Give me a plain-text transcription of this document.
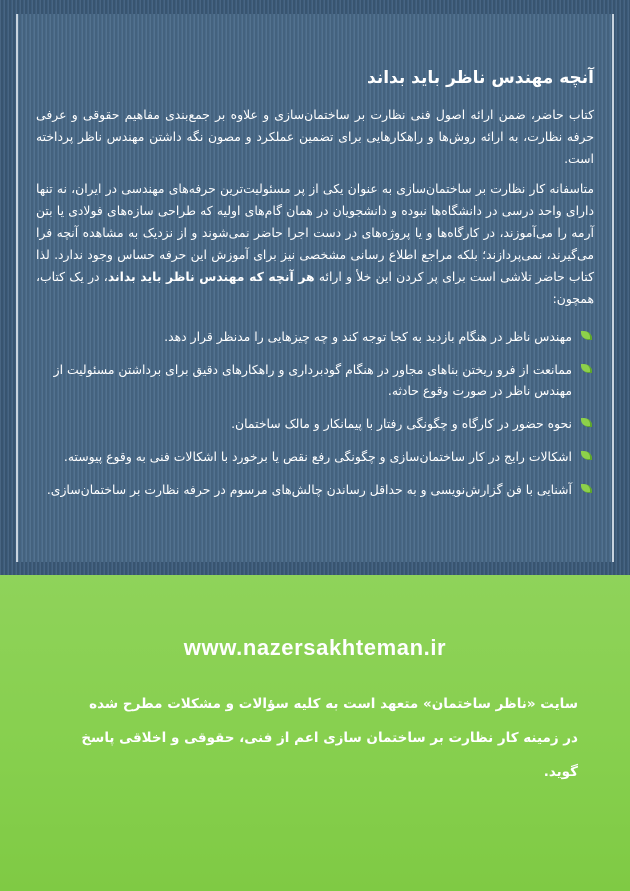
آنچه مهندس ناظر باید بداند

کتاب حاضر، ضمن ارائه اصول فنی نظارت بر ساختمان‌سازی و علاوه بر جمع‌بندی مفاهیم حقوقی و عرفی حرفه نظارت، به ارائه روش‌ها و راهکارهایی برای تضمین عملکرد و مصون نگه داشتن مهندس ناظر پرداخته است.

متاسفانه کار نظارت بر ساختمان‌سازی به عنوان یکی از پر مسئولیت‌ترین حرفه‌های مهندسی در ایران، نه تنها دارای واحد درسی در دانشگاه‌ها نبوده و دانشجویان در همان گام‌های اولیه که طراحی سازه‌های فولادی یا بتن آرمه را می‌آموزند، در کارگاه‌ها و یا پروژه‌های در دست اجرا حاضر نمی‌شوند و از نزدیک به مشاهده آنچه فرا می‌گیرند، نمی‌پردازند؛ بلکه مراجع اطلاع رسانی مشخصی نیز برای آموزش این حرفه حساس وجود ندارد. لذا کتاب حاضر تلاشی است برای پر کردن این خلأ و ارائه هر آنچه که مهندس ناظر باید بداند، در یک کتاب، همچون:

مهندس ناظر در هنگام بازدید به کجا توجه کند و چه چیزهایی را مدنظر قرار دهد.
ممانعت از فرو ریختن بناهای مجاور در هنگام گودبرداری و راهکارهای دقیق برای برداشتن مسئولیت از مهندس ناظر در صورت وقوع حادثه.
نحوه حضور در کارگاه و چگونگی رفتار با پیمانکار و مالک ساختمان.
اشکالات رایج در کار ساختمان‌سازی و چگونگی رفع نقص یا برخورد با اشکالات فنی به وقوع پیوسته.
آشنایی با فن گزارش‌نویسی و به حداقل رساندن چالش‌های مرسوم در حرفه نظارت بر ساختمان‌سازی.
www.nazersakhteman.ir
سایت «ناظر ساختمان» متعهد است به کلیه سؤالات و مشکلات مطرح شده
در زمینه کار نظارت بر ساختمان سازی اعم از فنی، حقوقی و اخلاقی پاسخ گوید.
